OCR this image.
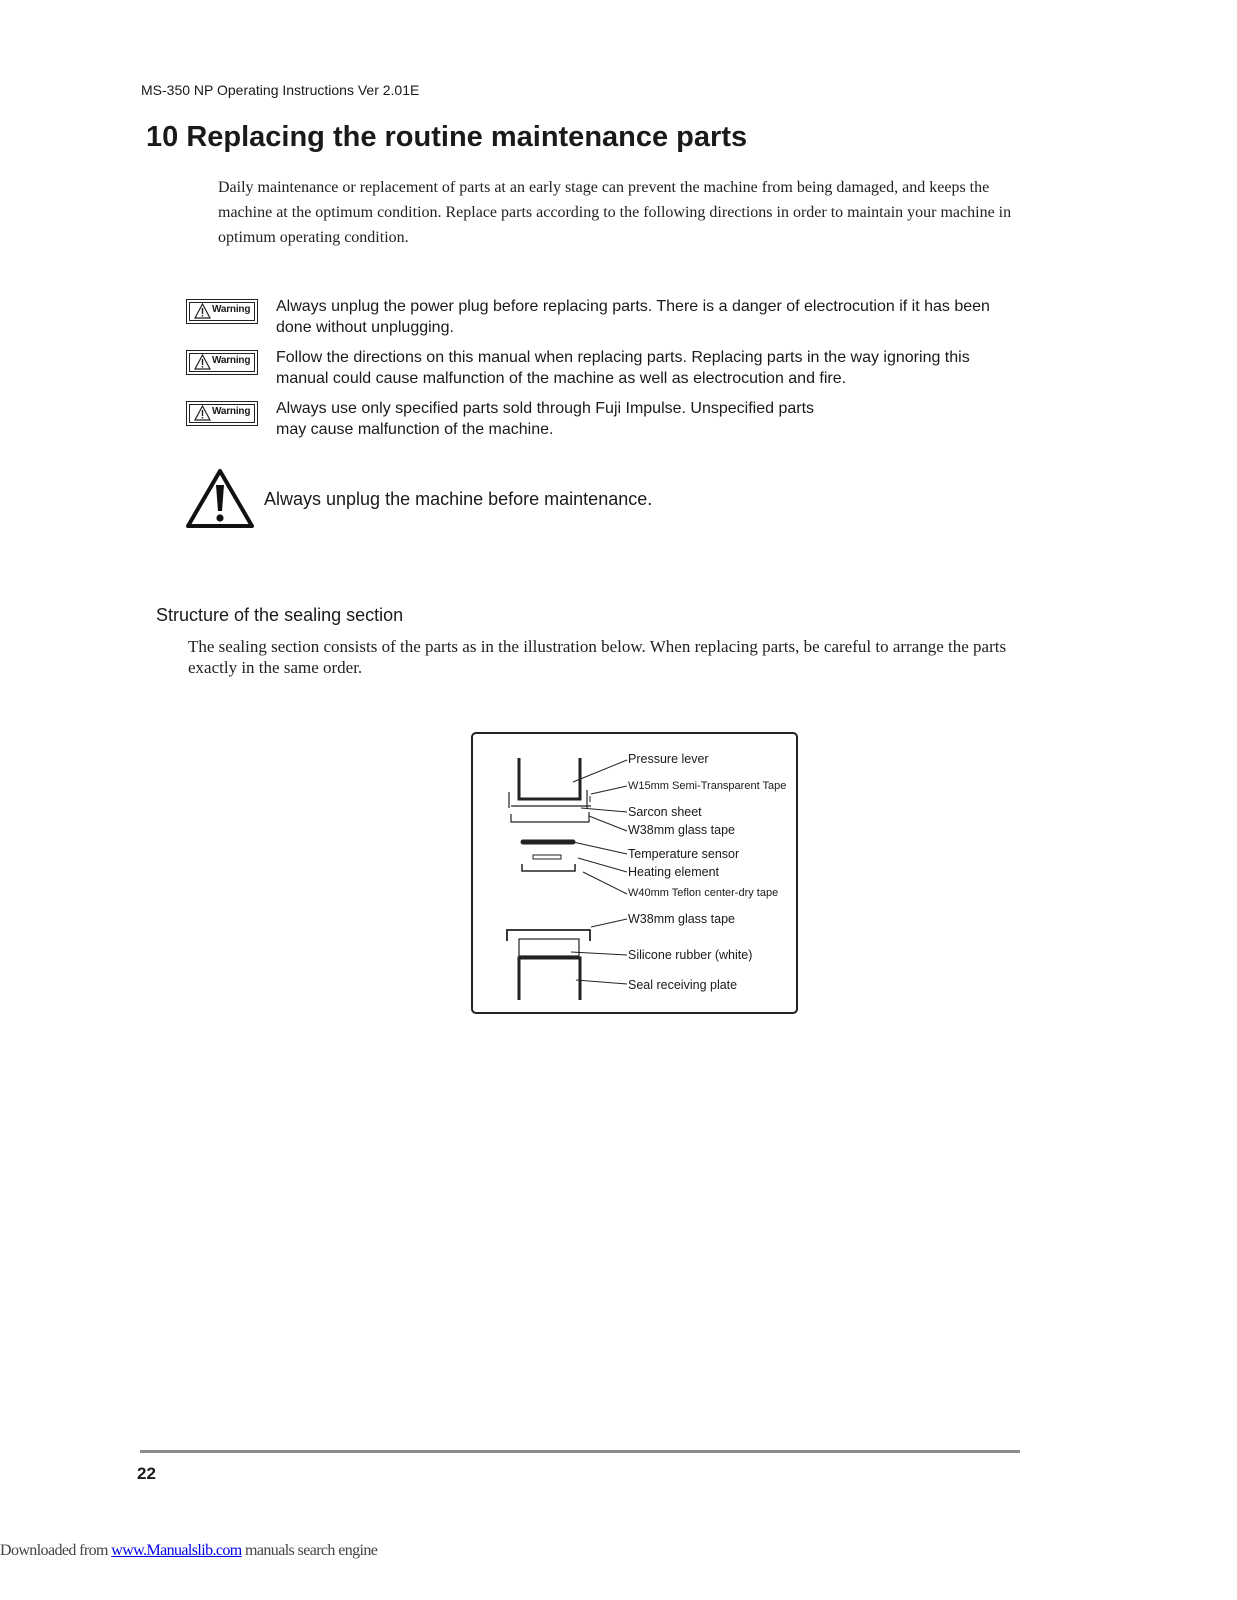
MS-350 NP Operating Instructions Ver 2.01E
10 Replacing the routine maintenance parts

Daily maintenance or replacement of parts at an early stage can prevent the machine from being damaged, and keeps the machine at the optimum condition. Replace parts according to the following directions in order to maintain your machine in optimum operating condition.

Warning Always unplug the power plug before replacing parts. There is a danger of electrocution if it has been done without unplugging.

Warning Follow the directions on this manual when replacing parts. Replacing parts in the way ignoring this manual could cause malfunction of the machine as well as electrocution and fire.

Warning Always use only specified parts sold through Fuji Impulse. Unspecified parts
may cause malfunction of the machine.

Always unplug the machine before maintenance.
Structure of the sealing section

The sealing section consists of the parts as in the illustration below. When replacing parts, be careful to arrange the parts exactly in the same order.

Pressure lever
W15mm Semi-Transparent Tape
Sarcon sheet
W38mm glass tape
Temperature sensor
Heating element
W40mm Teflon center-dry tape
W38mm glass tape
Silicone rubber (white)
Seal receiving plate
22
Downloaded from www.Manualslib.com manuals search engine
